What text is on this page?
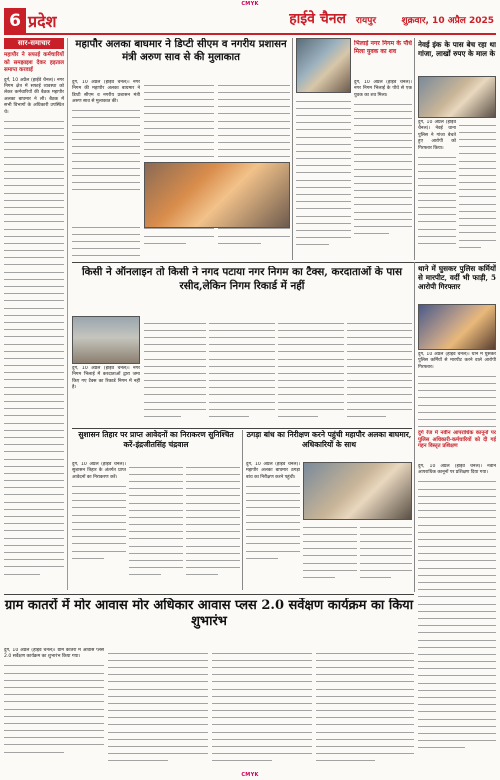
CMYK
6 प्रदेश	हाईवे चैनल रायपुर	शुक्रवार, 10 अप्रैल 2025
सार-समाचार
महापौर ने सफाई कर्मचारियों को समझाइश देकर हड़ताल समाप्त करवाई
दुर्ग, 10 अप्रैल (हाईवे चैनल)। नगर निगम क्षेत्र में सफाई व्यवस्था को लेकर कर्मचारियों की बैठक महापौर अलका बाघमार ने ली। बैठक में सभी विभागों के अधिकारी उपस्थित थे।
महापौर अलका बाघमार ने डिप्टी सीएम व नगरीय प्रशासन मंत्री अरुण साव से की मुलाकात
दुर्ग, 10 अप्रैल (हाईवे चैनल)। नगर निगम की महापौर अलका बाघमार ने डिप्टी सीएम व नगरीय प्रशासन मंत्री अरुण साव से मुलाकात की।
भिलाई नगर निगम के पौधे मिला युवक का शव
दुर्ग, 10 अप्रैल (हाईवे चैनल)। नगर निगम भिलाई के पौधे से एक युवक का शव मिला।
नेवई इंक के पास बेच रहा था गांजा, लाखों रुपए के माल के
दुर्ग, 10 अप्रैल (हाईवे चैनल)। नेवई थाना पुलिस ने गांजा बेचते हुए आरोपी को गिरफ्तार किया।
किसी ने ऑनलाइन तो किसी ने नगद पटाया नगर निगम का टैक्स, करदाताओं के पास रसीद,लेकिन निगम रिकार्ड में नहीं
दुर्ग, 10 अप्रैल (हाईवे चैनल)। नगर निगम भिलाई में करदाताओं द्वारा जमा किए गए टैक्स का रिकार्ड निगम में नहीं है।
थाने में घुसकर पुलिस कर्मियों से मारपीट, वर्दी भी फाड़ी, 5 आरोपी गिरफ्तार
दुर्ग, 10 अप्रैल (हाईवे चैनल)। थाने में घुसकर पुलिस कर्मियों से मारपीट करने वाले आरोपी गिरफ्तार।
सुशासन तिहार पर प्राप्त आवेदनों का निराकरण सुनिश्चित करें-इंद्रजीतसिंह चंद्रवाल
दुर्ग, 10 अप्रैल (हाईवे चैनल)। सुशासन तिहार के अंतर्गत प्राप्त आवेदनों का निराकरण करें।
ठगड़ा बांध का निरीक्षण करने पहुंची महापौर अलका बाघमार, अधिकारियों के साथ
दुर्ग, 10 अप्रैल (हाईवे चैनल)। महापौर अलका बाघमार ठगड़ा बांध का निरीक्षण करने पहुंची।
दुर्ग रेंज में नवीन आपराधिक कानूनों पर पुलिस अधिकारी-कर्मचारियों को दी गई गहन विस्तृत प्रशिक्षण
दुर्ग, 10 अप्रैल (हाईवे चैनल)। नवीन आपराधिक कानूनों पर प्रशिक्षण दिया गया।
ग्राम कातरों में मोर आवास मोर अधिकार आवास प्लस 2.0 सर्वेक्षण कार्यक्रम का किया शुभारंभ
दुर्ग, 10 अप्रैल (हाईवे चैनल)। ग्राम कातरों में आवास प्लस 2.0 सर्वेक्षण कार्यक्रम का शुभारंभ किया गया।
CMYK
